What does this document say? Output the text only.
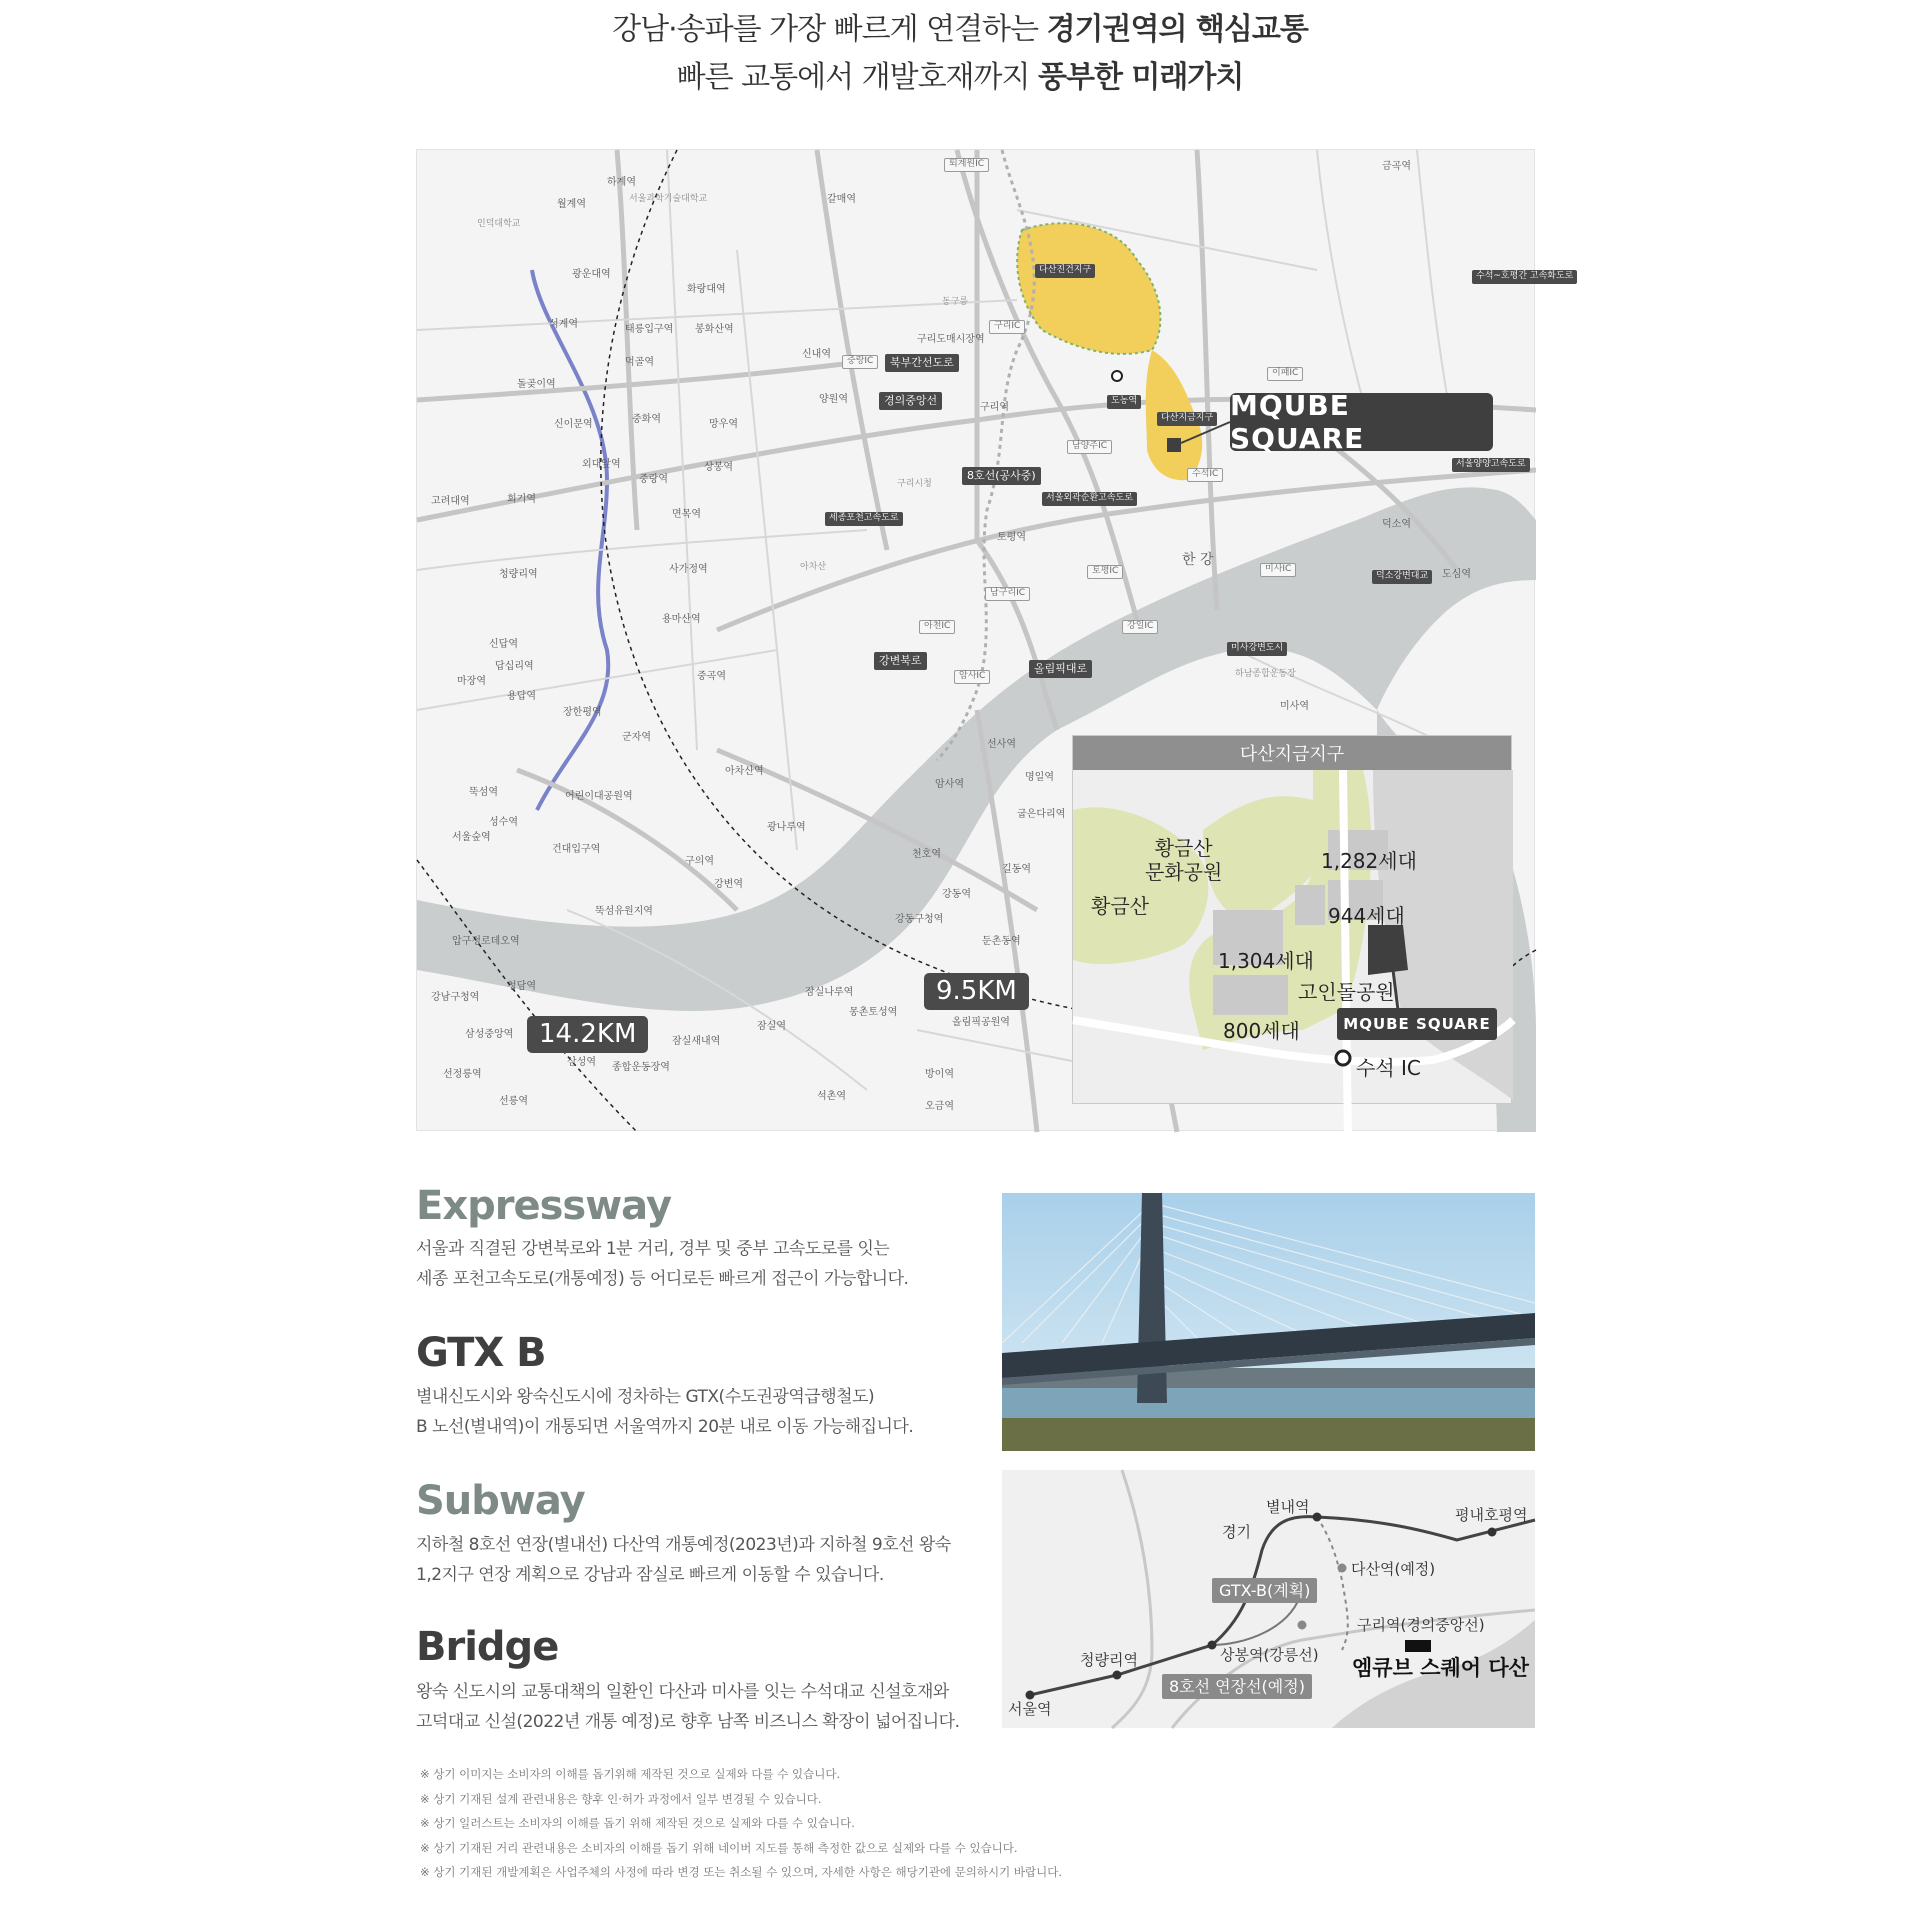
강남·송파를 가장 빠르게 연결하는 경기권역의 핵심교통
빠른 교통에서 개발호재까지 풍부한 미래가치
하계역
월계역	서울과학기술대학교
인덕대학교
광운대역
태릉입구역 봉화산역
화랑대역
석계역
먹골역
신내역
갈매역
구리도매시장역
구리역
양원역
돌곶이역
신이문역
외대앞역
중화역	망우역
상봉역
회기역
고려대역
중랑역
면목역
청량리역	사가정역
용마산역
신답역
답십리역
마장역
용답역
장한평역
군자역
중곡역
아차산역
뚝섬역
성수역
서울숲역
어린이대공원역
건대입구역
구의역
강변역
광나루역
천호역
길동역
강동역
굽은다리역
명일역
암사역
선사역
토평역
뚝섬유원지역
압구정로데오역
청담역
강남구청역
삼성중앙역
선정릉역
선릉역
삼성역 종합운동장역
잠실새내역
잠실역
잠실나루역
몽촌토성역
올림픽공원역
방이역
오금역
석촌역
둔촌동역
강동구청역
미사역
덕소역
도심역
금곡역
한 강
아차산
구리시청
동구릉
하남종합운동장
퇴계원IC
구리IC
중랑IC
이패IC
남양주IC
토평IC	미사IC
남구리IC
아천IC	강일IC
암사IC
수석IC
다산진건지구
다산지금지구
도농역
북부간선도로
경의중앙선
8호선(공사중)
세종포천고속도로
서울외곽순환고속도로
강변북로
올림픽대로
미사강변도시
서울양양고속도로
수석~호평간 고속화도로
덕소강변대교
MQUBE SQUARE
14.2KM
9.5KM
다산지금지구
황금산
문화공원
황금산
1,282세대
944세대
1,304세대
고인돌공원
800세대	MQUBE SQUARE
수석 IC
Expressway
서울과 직결된 강변북로와 1분 거리, 경부 및 중부 고속도로를 잇는
세종 포천고속도로(개통예정) 등 어디로든 빠르게 접근이 가능합니다.
GTX B
별내신도시와 왕숙신도시에 정차하는 GTX(수도권광역급행철도)
B 노선(별내역)이 개통되면 서울역까지 20분 내로 이동 가능해집니다.
Subway
지하철 8호선 연장(별내선) 다산역 개통예정(2023년)과 지하철 9호선 왕숙
1,2지구 연장 계획으로 강남과 잠실로 빠르게 이동할 수 있습니다.
Bridge
왕숙 신도시의 교통대책의 일환인 다산과 미사를 잇는 수석대교 신설호재와
고덕대교 신설(2022년 개통 예정)로 향후 남쪽 비즈니스 확장이 넓어집니다.
경기
별내역	평내호평역
GTX-B(계획)
다산역(예정)
구리역(경의중앙선)
청량리역	상봉역(강릉선)
8호선 연장선(예정)
서울역
엠큐브 스퀘어 다산
※ 상기 이미지는 소비자의 이해를 돕기위해 제작된 것으로 실제와 다를 수 있습니다.
※ 상기 기재된 설계 관련내용은 향후 인·허가 과정에서 일부 변경될 수 있습니다.
※ 상기 일러스트는 소비자의 이해를 돕기 위해 제작된 것으로 실제와 다를 수 있습니다.
※ 상기 기재된 거리 관련내용은 소비자의 이해를 돕기 위해 네이버 지도를 통해 측정한 값으로 실제와 다를 수 있습니다.
※ 상기 기재된 개발계획은 사업주체의 사정에 따라 변경 또는 취소될 수 있으며, 자세한 사항은 해당기관에 문의하시기 바랍니다.
